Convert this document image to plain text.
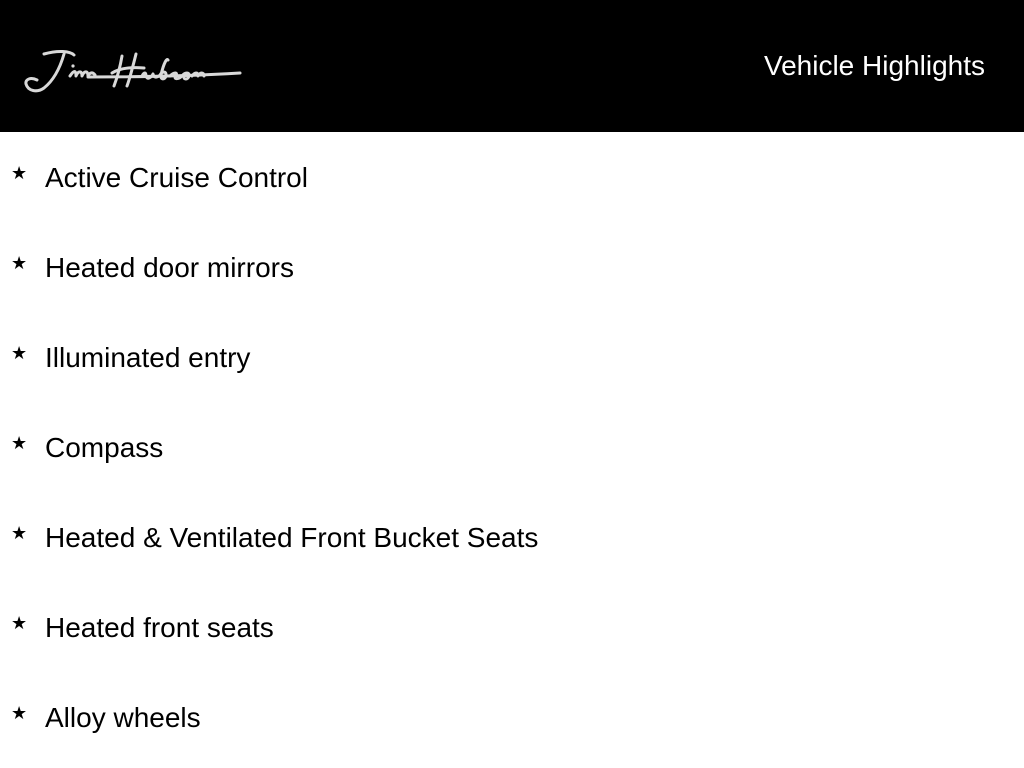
Vehicle Highlights
★ Active Cruise Control
★ Heated door mirrors
★ Illuminated entry
★ Compass
★ Heated & Ventilated Front Bucket Seats
★ Heated front seats
★ Alloy wheels
